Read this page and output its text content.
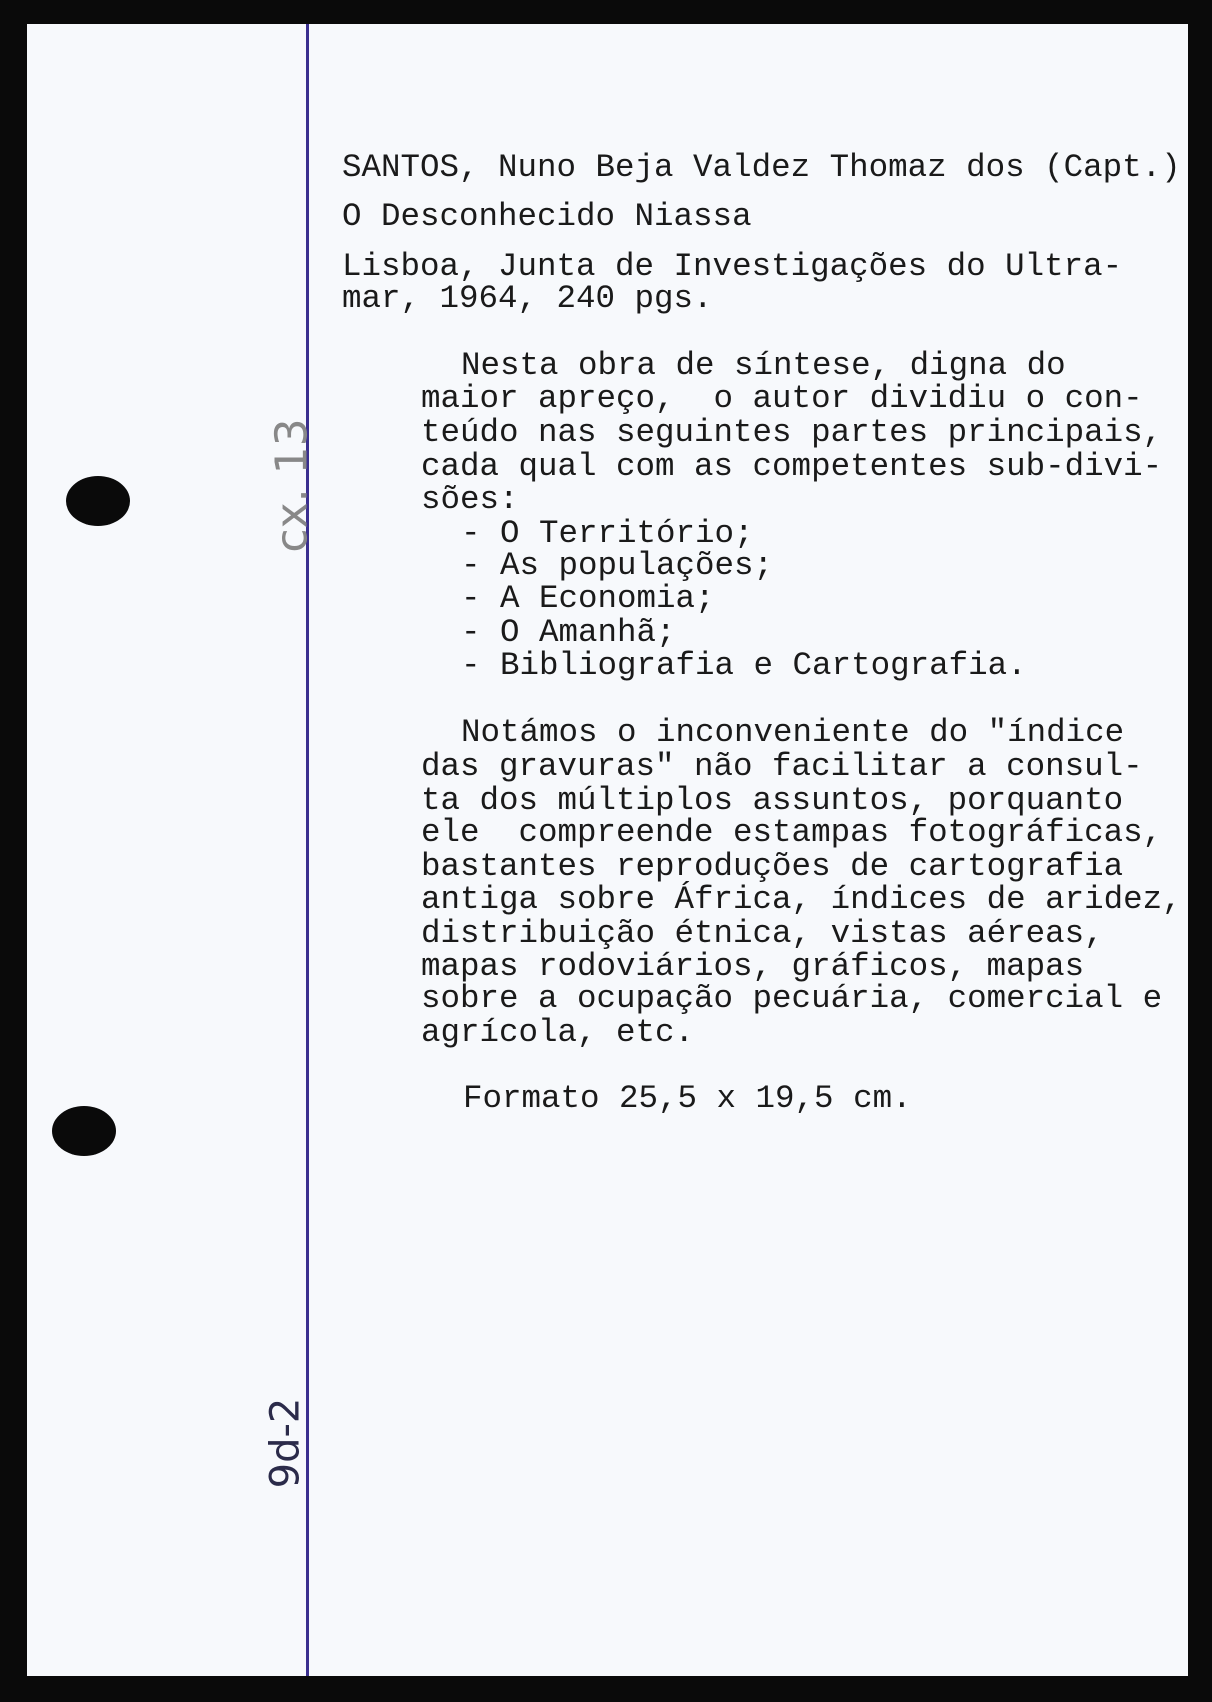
cx. 13
9d-2
SANTOS, Nuno Beja Valdez Thomaz dos (Capt.)
O Desconhecido Niassa
Lisboa, Junta de Investigações do Ultra-
mar, 1964, 240 pgs.
Nesta obra de síntese, digna do
maior apreço,  o autor dividiu o con-
teúdo nas seguintes partes principais,
cada qual com as competentes sub-divi-
sões:
- O Território;
- As populações;
- A Economia;
- O Amanhã;
- Bibliografia e Cartografia.
Notámos o inconveniente do "índice
das gravuras" não facilitar a consul-
ta dos múltiplos assuntos, porquanto
ele  compreende estampas fotográficas,
bastantes reproduções de cartografia
antiga sobre África, índices de aridez,
distribuição étnica, vistas aéreas,
mapas rodoviários, gráficos, mapas
sobre a ocupação pecuária, comercial e
agrícola, etc.
Formato 25,5 x 19,5 cm.
